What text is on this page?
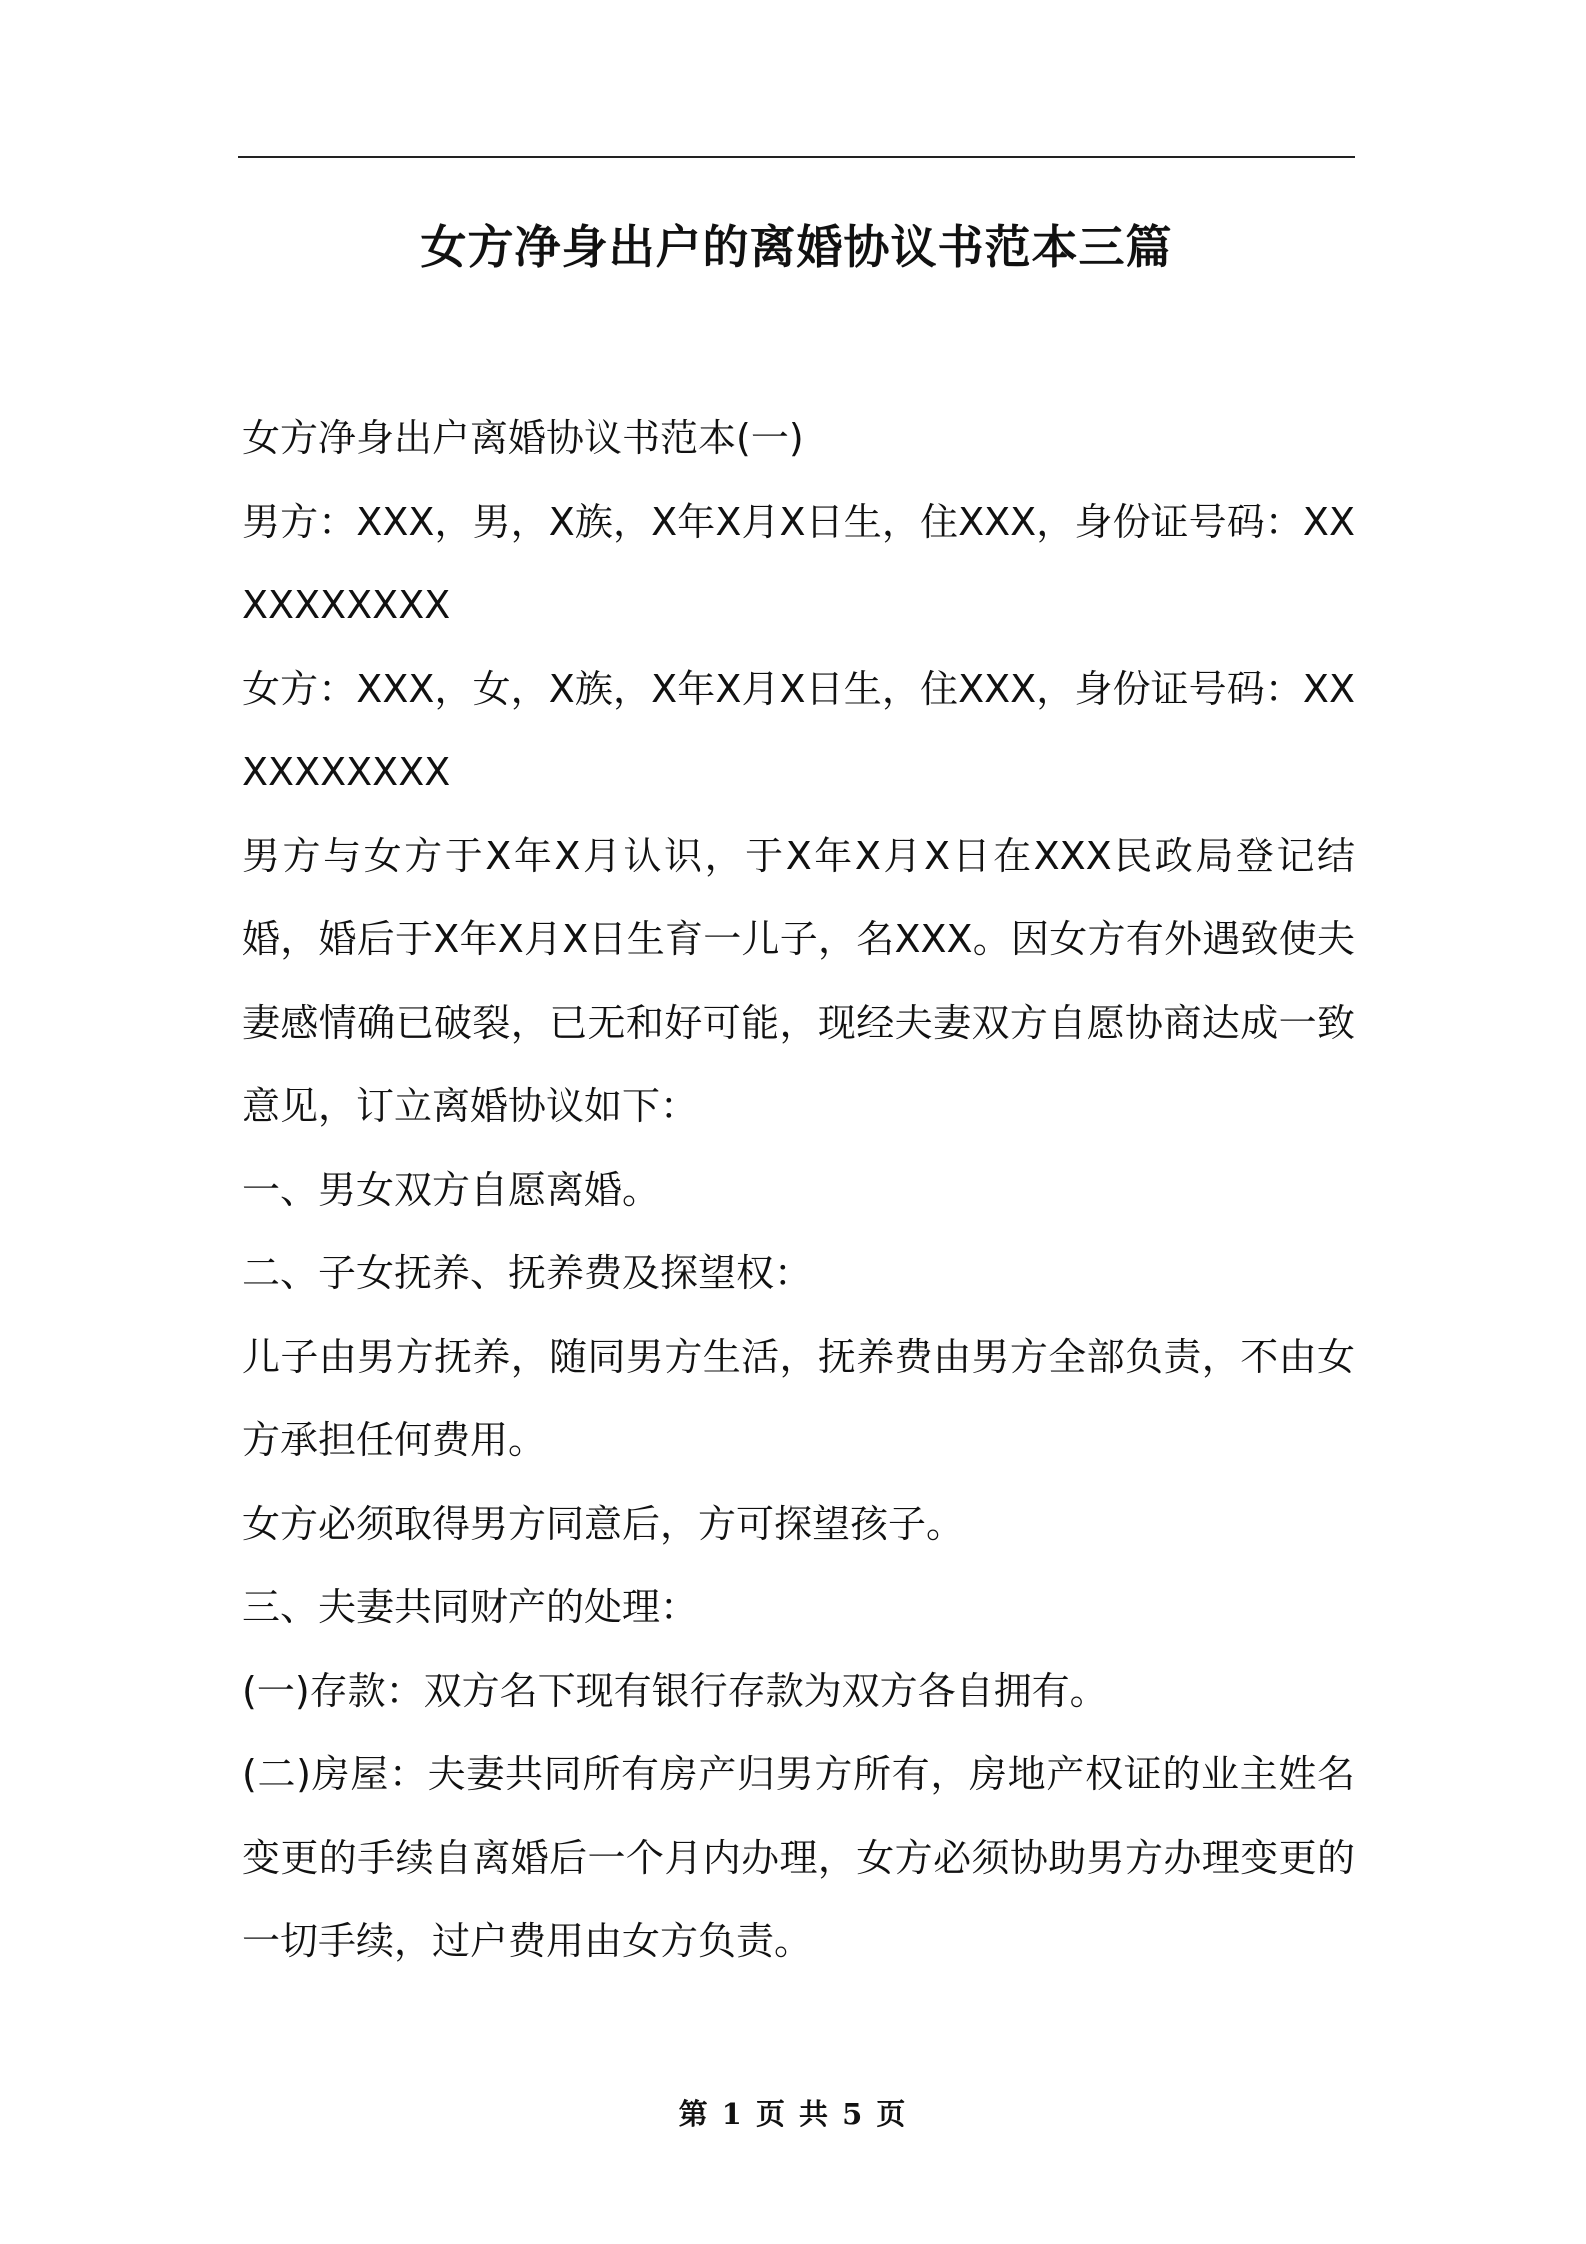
女方净身出户的离婚协议书范本三篇

女方净身出户离婚协议书范本(一)

男方：XXX，男，X族，X年X月X日生，住XXX，身份证号码：XXXXXXXXXX

女方：XXX，女，X族，X年X月X日生，住XXX，身份证号码：XXXXXXXXXX

男方与女方于X年X月认识，于X年X月X日在XXX民政局登记结婚，婚后于X年X月X日生育一儿子，名XXX。因女方有外遇致使夫妻感情确已破裂，已无和好可能，现经夫妻双方自愿协商达成一致意见，订立离婚协议如下：

一、男女双方自愿离婚。

二、子女抚养、抚养费及探望权：

儿子由男方抚养，随同男方生活，抚养费由男方全部负责，不由女方承担任何费用。

女方必须取得男方同意后，方可探望孩子。

三、夫妻共同财产的处理：

(一)存款：双方名下现有银行存款为双方各自拥有。

(二)房屋：夫妻共同所有房产归男方所有，房地产权证的业主姓名变更的手续自离婚后一个月内办理，女方必须协助男方办理变更的一切手续，过户费用由女方负责。

第 1 页 共 5 页
